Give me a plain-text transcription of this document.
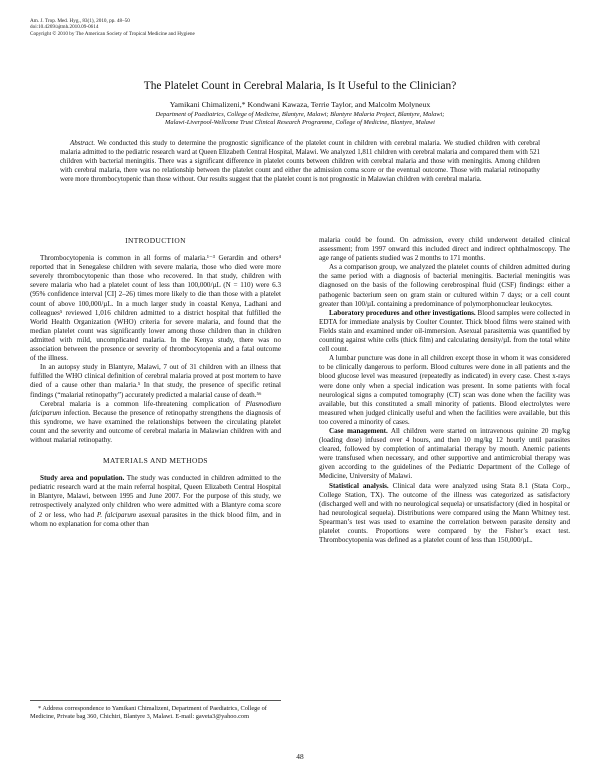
Am. J. Trop. Med. Hyg., 83(1), 2010, pp. 48–50
doi:10.4269/ajtmh.2010.09-0614
Copyright © 2010 by The American Society of Tropical Medicine and Hygiene
The Platelet Count in Cerebral Malaria, Is It Useful to the Clinician?
Yamikani Chimalizeni,* Kondwani Kawaza, Terrie Taylor, and Malcolm Molyneux
Department of Paediatrics, College of Medicine, Blantyre, Malawi; Blantyre Malaria Project, Blantyre, Malawi;
Malawi-Liverpool-Wellcome Trust Clinical Research Programme, College of Medicine, Blantyre, Malawi
Abstract. We conducted this study to determine the prognostic significance of the platelet count in children with cerebral malaria. We studied children with cerebral malaria admitted to the pediatric research ward at Queen Elizabeth Central Hospital, Malawi. We analyzed 1,811 children with cerebral malaria and compared them with 521 children with bacterial meningitis. There was a significant difference in platelet counts between children with cerebral malaria and those with meningitis. Among children with cerebral malaria, there was no relationship between the platelet count and either the admission coma score or the eventual outcome. Those with malarial retinopathy were more thrombocytopenic than those without. Our results suggest that the platelet count is not prognostic in Malawian children with cerebral malaria.
INTRODUCTION

Thrombocytopenia is common in all forms of malaria.¹⁻³ Gerardin and others⁴ reported that in Senegalese children with severe malaria, those who died were more severely thrombocytopenic than those who recovered. In that study, children with severe malaria who had a platelet count of less than 100,000/µL (N = 110) were 6.3 (95% confidence interval [CI] 2–26) times more likely to die than those with a platelet count of above 100,000/µL. In a much larger study in coastal Kenya, Ladhani and colleagues⁵ reviewed 1,016 children admitted to a district hospital that fulfilled the World Health Organization (WHO) criteria for severe malaria, and found that the median platelet count was significantly lower among those children than in children admitted with mild, uncomplicated malaria. In the Kenya study, there was no association between the presence or severity of thrombocytopenia and a fatal outcome of the illness.

In an autopsy study in Blantyre, Malawi, 7 out of 31 children with an illness that fulfilled the WHO clinical definition of cerebral malaria proved at post mortem to have died of a cause other than malaria.⁵ In that study, the presence of specific retinal findings (“malarial retinopathy”) accurately predicted a malarial cause of death.⁵⁶

Cerebral malaria is a common life-threatening complication of Plasmodium falciparum infection. Because the presence of retinopathy strengthens the diagnosis of this syndrome, we have examined the relationships between the circulating platelet count and the severity and outcome of cerebral malaria in Malawian children with and without malarial retinopathy.

MATERIALS AND METHODS

Study area and population. The study was conducted in children admitted to the pediatric research ward at the main referral hospital, Queen Elizabeth Central Hospital in Blantyre, Malawi, between 1995 and June 2007. For the purpose of this study, we retrospectively analyzed only children who were admitted with a Blantyre coma score of 2 or less, who had P. falciparum asexual parasites in the thick blood film, and in whom no explanation for coma other than

* Address correspondence to Yamikani Chimalizeni, Department of Paediatrics, College of Medicine, Private bag 360, Chichiri, Blantyre 3, Malawi. E-mail: gaveta3@yahoo.com

malaria could be found. On admission, every child underwent detailed clinical assessment; from 1997 onward this included direct and indirect ophthalmoscopy. The age range of patients studied was 2 months to 171 months.

As a comparison group, we analyzed the platelet counts of children admitted during the same period with a diagnosis of bacterial meningitis. Bacterial meningitis was diagnosed on the basis of the following cerebrospinal fluid (CSF) findings: either a pathogenic bacterium seen on gram stain or cultured within 7 days; or a cell count greater than 100/µL containing a predominance of polymorphonuclear leukocytes.

Laboratory procedures and other investigations. Blood samples were collected in EDTA for immediate analysis by Coulter Counter. Thick blood films were stained with Fields stain and examined under oil-immersion. Asexual parasitemia was quantified by counting against white cells (thick film) and calculating density/µL from the total white cell count.

A lumbar puncture was done in all children except those in whom it was considered to be clinically dangerous to perform. Blood cultures were done in all patients and the blood glucose level was measured (repeatedly as indicated) in every case. Chest x-rays were done only when a special indication was present. In some patients with focal neurological signs a computed tomography (CT) scan was done when the facility was available, but this constituted a small minority of patients. Blood electrolytes were measured when judged clinically useful and when the facilities were available, but this too covered a minority of cases.

Case management. All children were started on intravenous quinine 20 mg/kg (loading dose) infused over 4 hours, and then 10 mg/kg 12 hourly until parasites cleared, followed by completion of antimalarial therapy by mouth. Anemic patients were transfused when necessary, and other supportive and antimicrobial therapy was given according to the guidelines of the Pediatric Department of the College of Medicine, University of Malawi.

Statistical analysis. Clinical data were analyzed using Stata 8.1 (Stata Corp., College Station, TX). The outcome of the illness was categorized as satisfactory (discharged well and with no neurological sequela) or unsatisfactory (died in hospital or had neurological sequela). Distributions were compared using the Mann Whitney test. Spearman’s test was used to examine the correlation between parasite density and platelet counts. Proportions were compared by the Fisher’s exact test. Thrombocytopenia was defined as a platelet count of less than 150,000/µL.

48
